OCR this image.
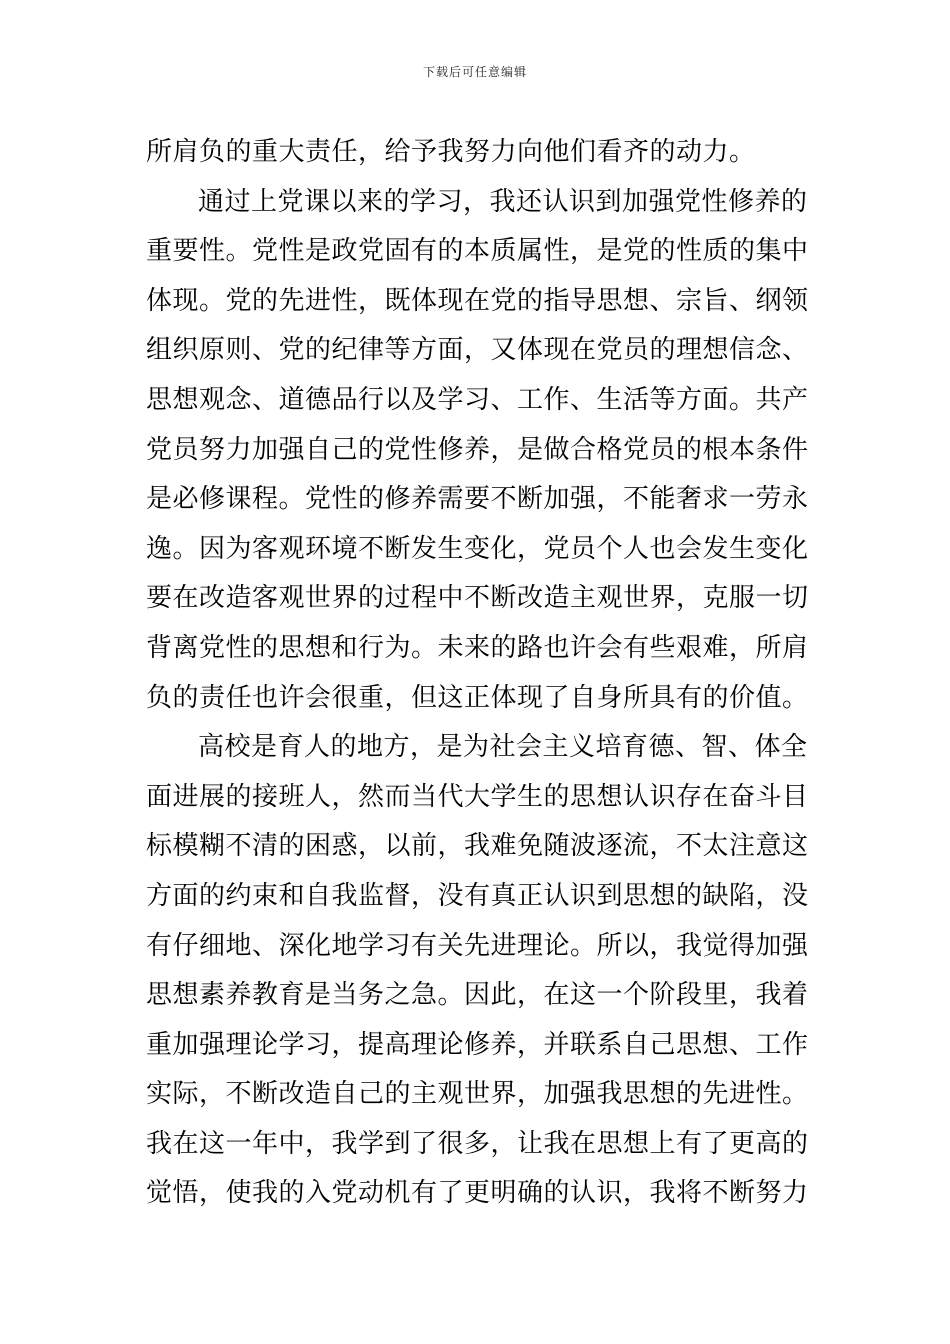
下载后可任意编辑
所肩负的重大责任，给予我努力向他们看齐的动力。
通过上党课以来的学习，我还认识到加强党性修养的
重要性。党性是政党固有的本质属性，是党的性质的集中
体现。党的先进性，既体现在党的指导思想、宗旨、纲领
组织原则、党的纪律等方面，又体现在党员的理想信念、
思想观念、道德品行以及学习、工作、生活等方面。共产
党员努力加强自己的党性修养，是做合格党员的根本条件
是必修课程。党性的修养需要不断加强，不能奢求一劳永
逸。因为客观环境不断发生变化，党员个人也会发生变化
要在改造客观世界的过程中不断改造主观世界，克服一切
背离党性的思想和行为。未来的路也许会有些艰难，所肩
负的责任也许会很重，但这正体现了自身所具有的价值。
高校是育人的地方，是为社会主义培育德、智、体全
面进展的接班人，然而当代大学生的思想认识存在奋斗目
标模糊不清的困惑，以前，我难免随波逐流，不太注意这
方面的约束和自我监督，没有真正认识到思想的缺陷，没
有仔细地、深化地学习有关先进理论。所以，我觉得加强
思想素养教育是当务之急。因此，在这一个阶段里，我着
重加强理论学习，提高理论修养，并联系自己思想、工作
实际，不断改造自己的主观世界，加强我思想的先进性。
我在这一年中，我学到了很多，让我在思想上有了更高的
觉悟，使我的入党动机有了更明确的认识，我将不断努力
